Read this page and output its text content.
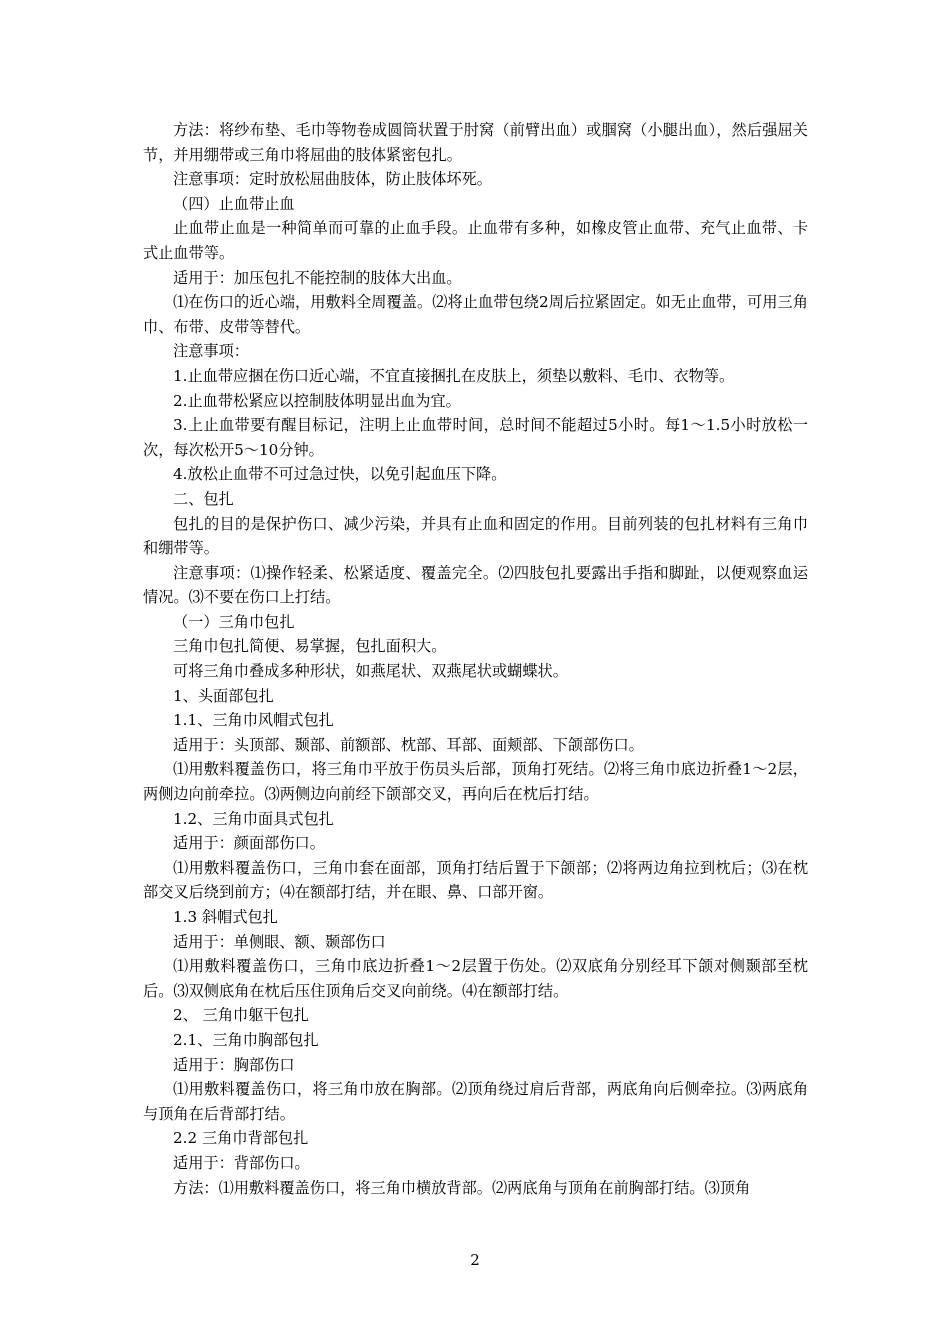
方法：将纱布垫、毛巾等物卷成圆筒状置于肘窝（前臂出血）或腘窝（小腿出血），然后强屈关节，并用绷带或三角巾将屈曲的肢体紧密包扎。

注意事项：定时放松屈曲肢体，防止肢体坏死。

（四）止血带止血

止血带止血是一种简单而可靠的止血手段。止血带有多种，如橡皮管止血带、充气止血带、卡式止血带等。

适用于：加压包扎不能控制的肢体大出血。

⑴在伤口的近心端，用敷料全周覆盖。⑵将止血带包绕2周后拉紧固定。如无止血带，可用三角巾、布带、皮带等替代。

注意事项：

1.止血带应捆在伤口近心端，不宜直接捆扎在皮肤上，须垫以敷料、毛巾、衣物等。

2.止血带松紧应以控制肢体明显出血为宜。

3.上止血带要有醒目标记，注明上止血带时间，总时间不能超过5小时。每1～1.5小时放松一次，每次松开5～10分钟。

4.放松止血带不可过急过快，以免引起血压下降。

二、包扎

包扎的目的是保护伤口、减少污染，并具有止血和固定的作用。目前列装的包扎材料有三角巾和绷带等。

注意事项：⑴操作轻柔、松紧适度、覆盖完全。⑵四肢包扎要露出手指和脚趾，以便观察血运情况。⑶不要在伤口上打结。

（一）三角巾包扎

三角巾包扎简便、易掌握，包扎面积大。

可将三角巾叠成多种形状，如燕尾状、双燕尾状或蝴蝶状。

1、头面部包扎

1.1、三角巾风帽式包扎

适用于：头顶部、颞部、前额部、枕部、耳部、面颊部、下颌部伤口。

⑴用敷料覆盖伤口，将三角巾平放于伤员头后部，顶角打死结。⑵将三角巾底边折叠1～2层，两侧边向前牵拉。⑶两侧边向前经下颌部交叉，再向后在枕后打结。

1.2、三角巾面具式包扎

适用于：颜面部伤口。

⑴用敷料覆盖伤口，三角巾套在面部，顶角打结后置于下颌部；⑵将两边角拉到枕后；⑶在枕部交叉后绕到前方；⑷在额部打结，并在眼、鼻、口部开窗。

1.3 斜帽式包扎

适用于：单侧眼、额、颞部伤口

⑴用敷料覆盖伤口，三角巾底边折叠1～2层置于伤处。⑵双底角分别经耳下颌对侧颞部至枕后。⑶双侧底角在枕后压住顶角后交叉向前绕。⑷在额部打结。

2、 三角巾躯干包扎

2.1、三角巾胸部包扎

适用于：胸部伤口

⑴用敷料覆盖伤口，将三角巾放在胸部。⑵顶角绕过肩后背部，两底角向后侧牵拉。⑶两底角与顶角在后背部打结。

2.2 三角巾背部包扎

适用于：背部伤口。

方法：⑴用敷料覆盖伤口，将三角巾横放背部。⑵两底角与顶角在前胸部打结。⑶顶角

2
